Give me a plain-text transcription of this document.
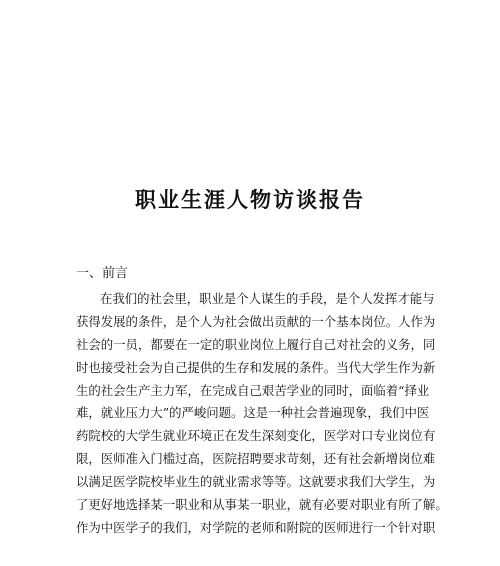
职业生涯人物访谈报告
一、前言
在我们的社会里，职业是个人谋生的手段，是个人发挥才能与
获得发展的条件，是个人为社会做出贡献的一个基本岗位。人作为
社会的一员，都要在一定的职业岗位上履行自己对社会的义务，同
时也接受社会为自己提供的生存和发展的条件。当代大学生作为新
生的社会生产主力军，在完成自己艰苦学业的同时，面临着“择业
难，就业压力大”的严峻问题。这是一种社会普遍现象，我们中医
药院校的大学生就业环境正在发生深刻变化，医学对口专业岗位有
限，医师准入门槛过高，医院招聘要求苛刻，还有社会新增岗位难
以满足医学院校毕业生的就业需求等等。这就要求我们大学生，为
了更好地选择某一职业和从事某一职业，就有必要对职业有所了解。
作为中医学子的我们，对学院的老师和附院的医师进行一个针对职
